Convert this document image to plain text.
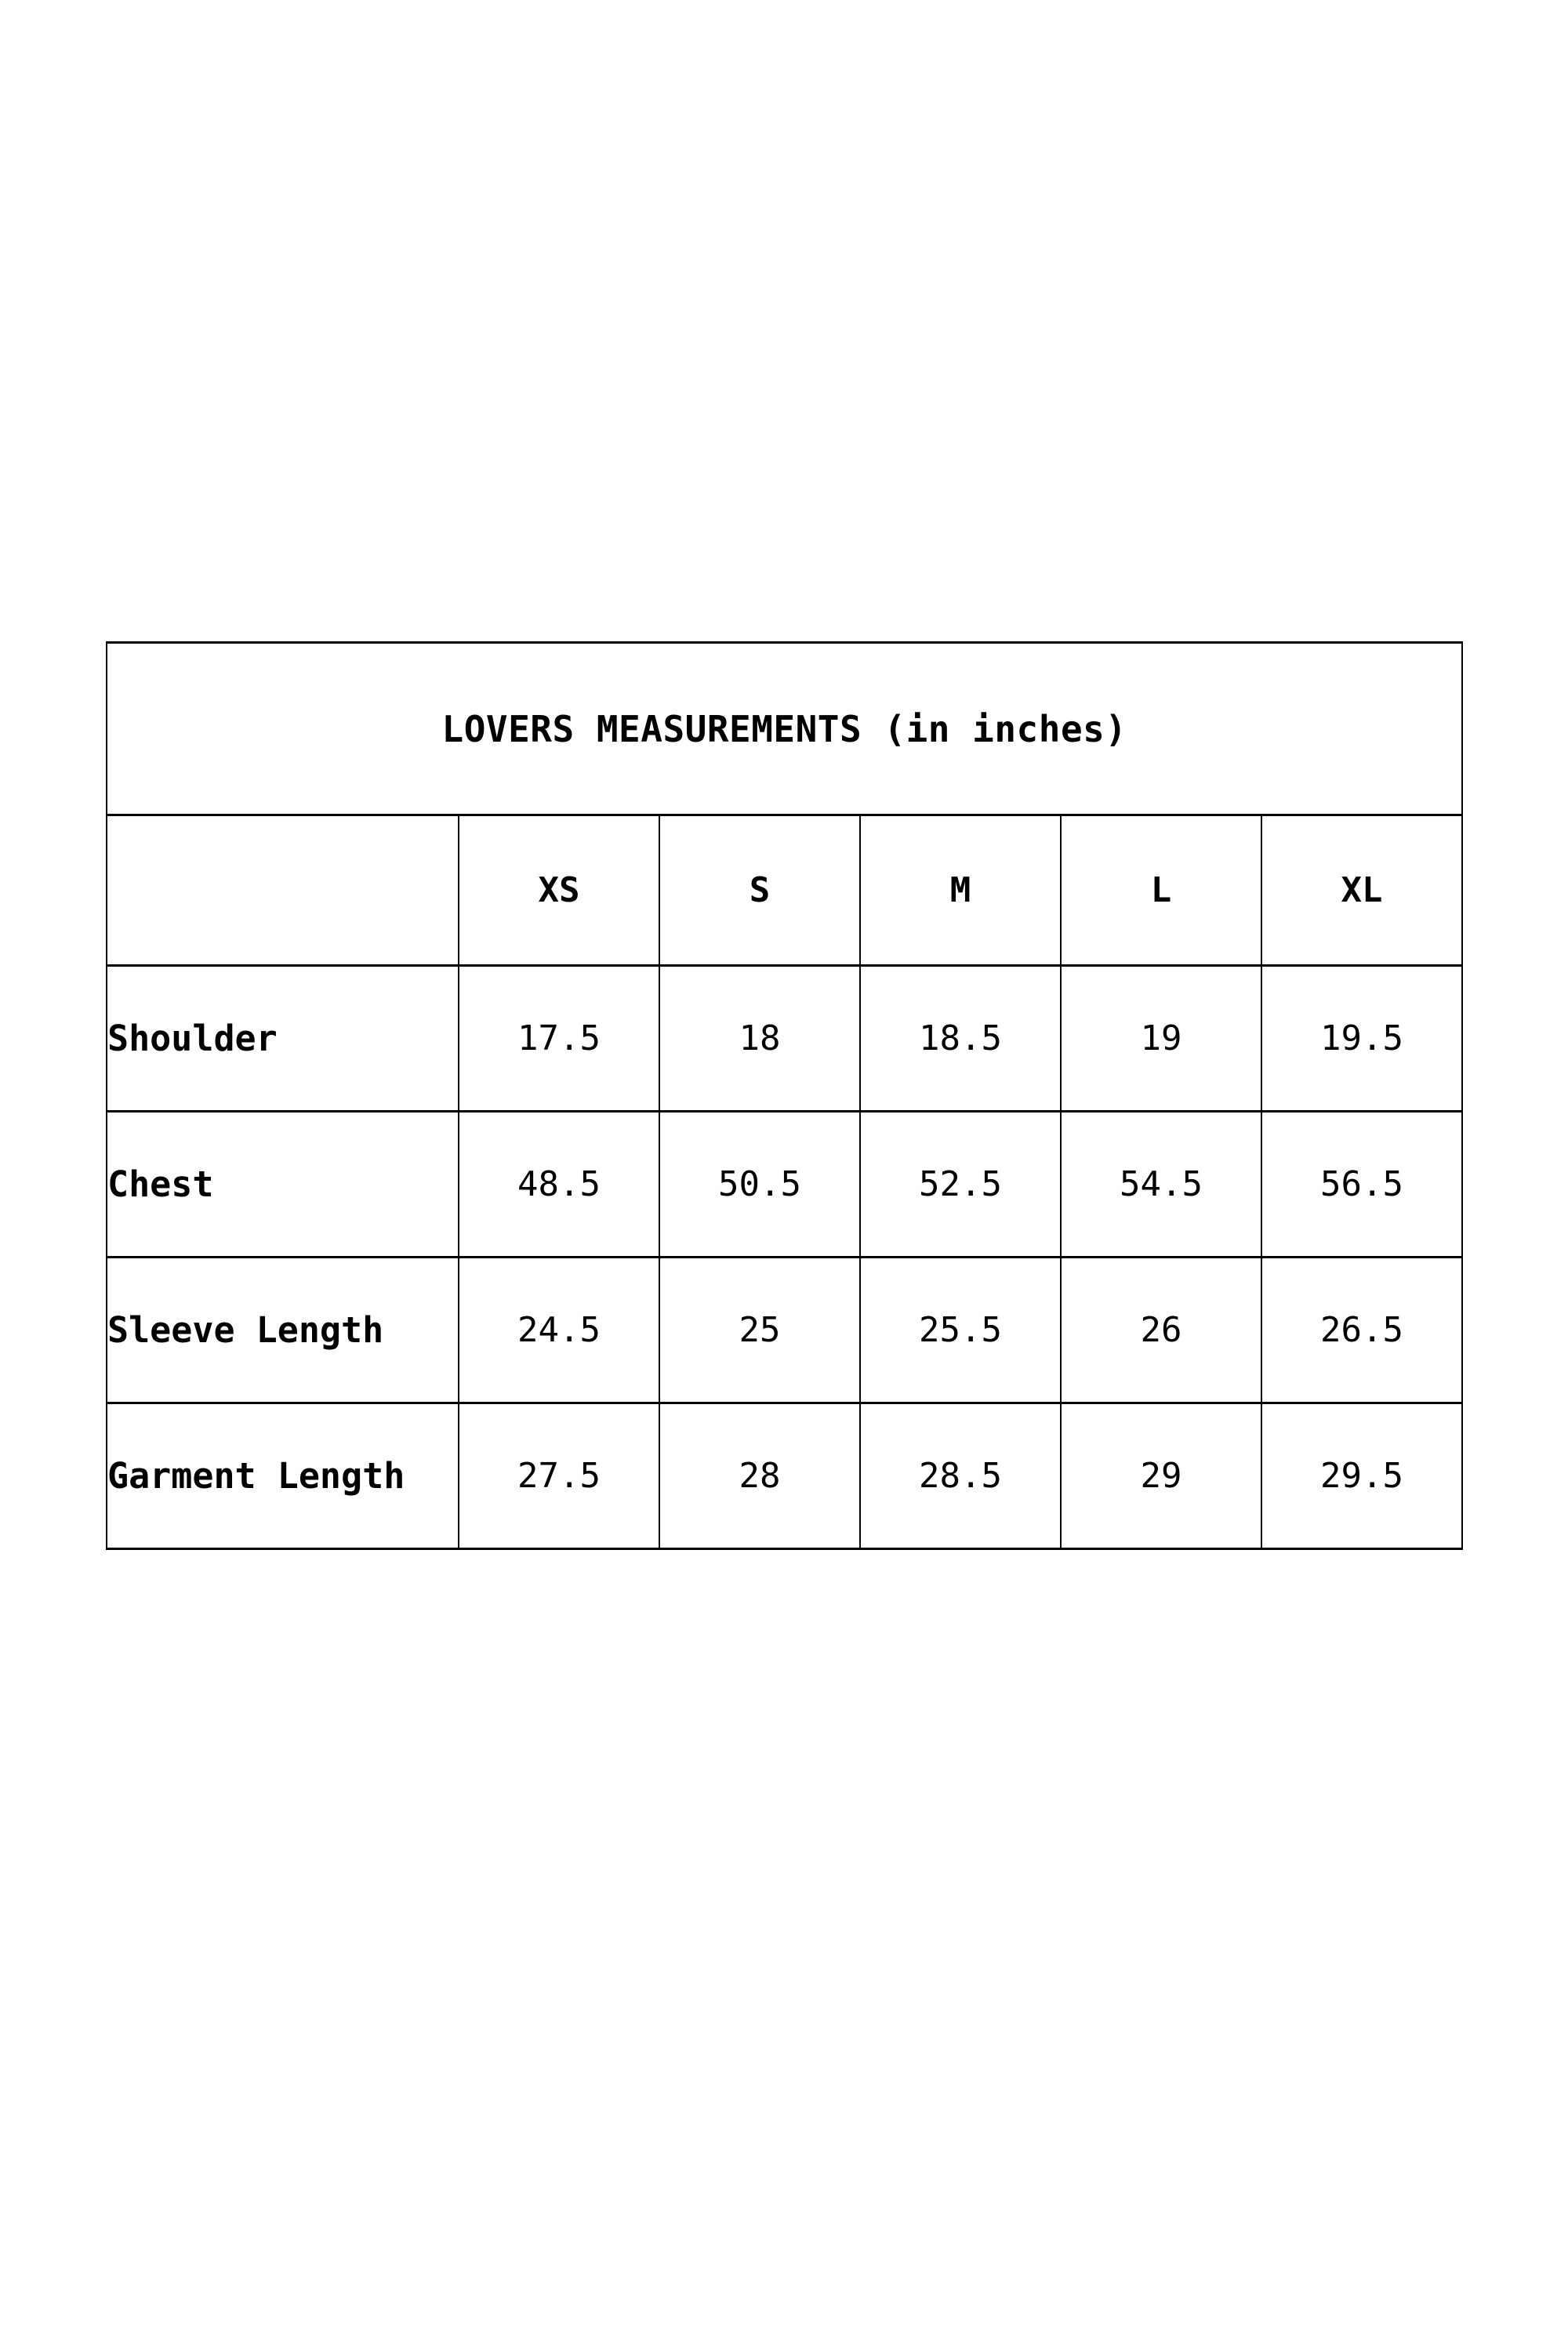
LOVERS MEASUREMENTS (in inches)					
	XS	S	M	L	XL
Shoulder	17.5	18	18.5	19	19.5
Chest	48.5	50.5	52.5	54.5	56.5
Sleeve Length	24.5	25	25.5	26	26.5
Garment Length	27.5	28	28.5	29	29.5
